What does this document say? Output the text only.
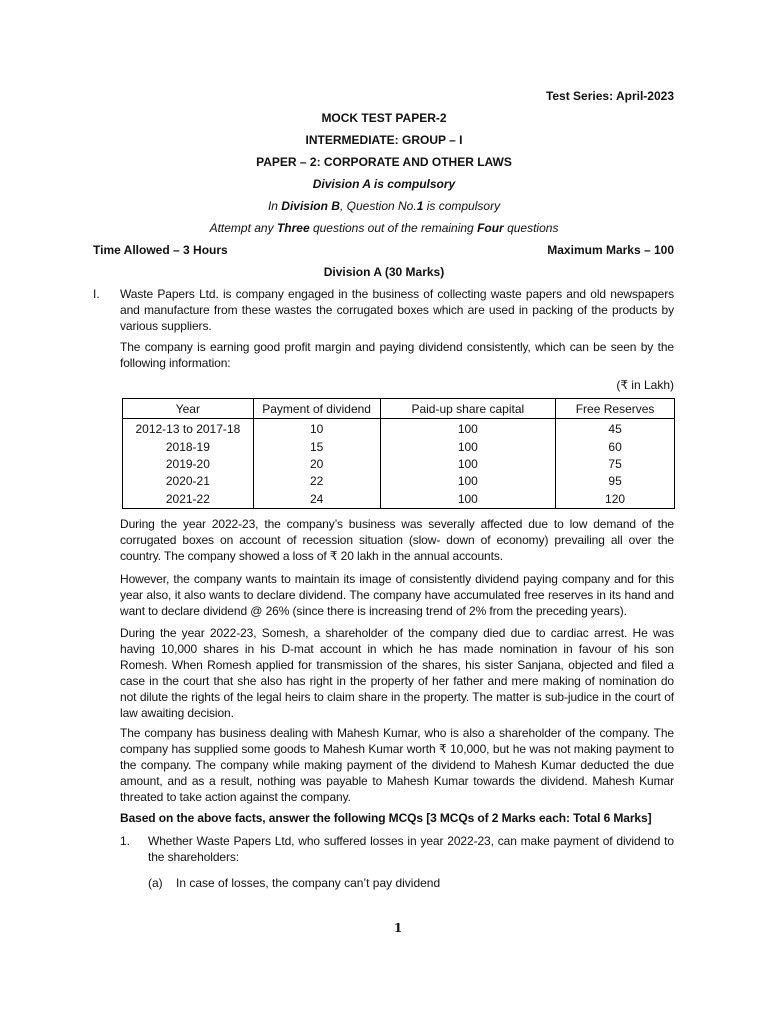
Test Series: April-2023
MOCK TEST PAPER-2
INTERMEDIATE: GROUP – I
PAPER – 2: CORPORATE AND OTHER LAWS
Division A is compulsory
In Division B, Question No.1 is compulsory
Attempt any Three questions out of the remaining Four questions
Time Allowed – 3 Hours	Maximum Marks – 100
Division A (30 Marks)
I. Waste Papers Ltd. is company engaged in the business of collecting waste papers and old newspapers and manufacture from these wastes the corrugated boxes which are used in packing of the products by various suppliers.
The company is earning good profit margin and paying dividend consistently, which can be seen by the following information:
(₹ in Lakh)
Year	Payment of dividend	Paid-up share capital	Free Reserves
2012-13 to 2017-18	10	100	45
2018-19	15	100	60
2019-20	20	100	75
2020-21	22	100	95
2021-22	24	100	120
During the year 2022-23, the company’s business was severally affected due to low demand of the corrugated boxes on account of recession situation (slow- down of economy) prevailing all over the country. The company showed a loss of ₹ 20 lakh in the annual accounts.
However, the company wants to maintain its image of consistently dividend paying company and for this year also, it also wants to declare dividend. The company have accumulated free reserves in its hand and want to declare dividend @ 26% (since there is increasing trend of 2% from the preceding years).
During the year 2022-23, Somesh, a shareholder of the company died due to cardiac arrest. He was having 10,000 shares in his D-mat account in which he has made nomination in favour of his son Romesh. When Romesh applied for transmission of the shares, his sister Sanjana, objected and filed a case in the court that she also has right in the property of her father and mere making of nomination do not dilute the rights of the legal heirs to claim share in the property. The matter is sub-judice in the court of law awaiting decision.
The company has business dealing with Mahesh Kumar, who is also a shareholder of the company. The company has supplied some goods to Mahesh Kumar worth ₹ 10,000, but he was not making payment to the company. The company while making payment of the dividend to Mahesh Kumar deducted the due amount, and as a result, nothing was payable to Mahesh Kumar towards the dividend. Mahesh Kumar threated to take action against the company.
Based on the above facts, answer the following MCQs [3 MCQs of 2 Marks each: Total 6 Marks]
1. Whether Waste Papers Ltd, who suffered losses in year 2022-23, can make payment of dividend to the shareholders:
(a) In case of losses, the company can’t pay dividend
1
